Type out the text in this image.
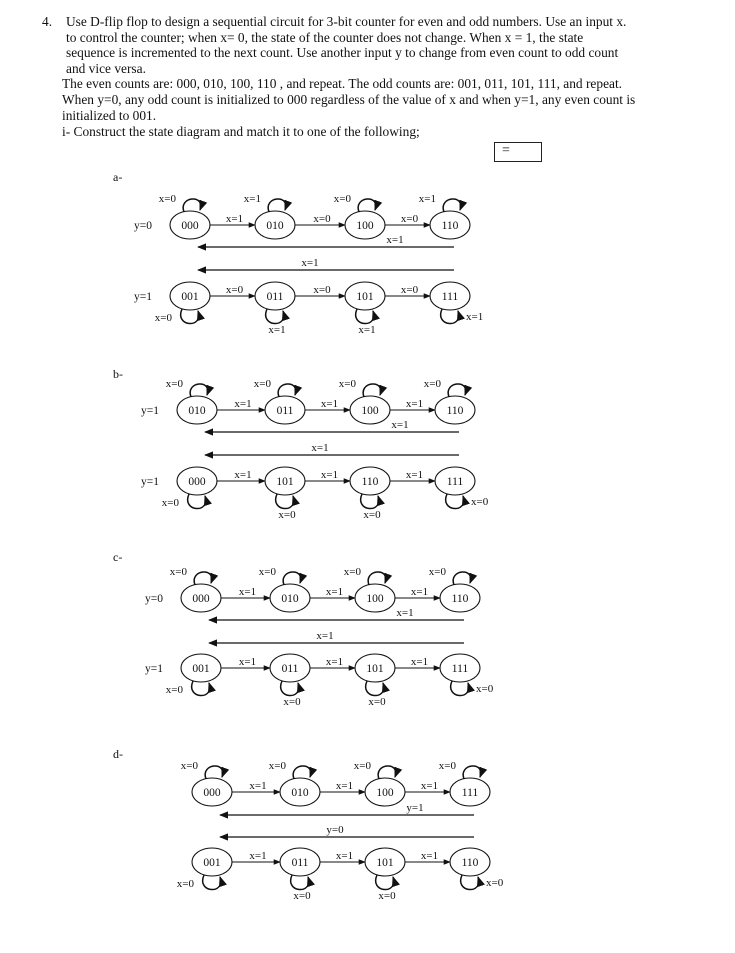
4. Use D-flip flop to design a sequential circuit for 3-bit counter for even and odd numbers. Use an input x.

to control the counter; when x= 0, the state of the counter does not change. When x = 1, the state

sequence is incremented to the next count. Use another input y to change from even count to odd count

and vice versa.

The even counts are: 000, 010, 100, 110 , and repeat. The odd counts are: 001, 011, 101, 111, and repeat.

When y=0, any odd count is initialized to 000 regardless of the value of x and when y=1, any even count is

initialized to 001.

i- Construct the state diagram and match it to one of the following;

=
a-
y=0
x=0
000
x=1
010
x=0
100
x=1
110
x=1	x=0	x=0
y=1
x=0
001
x=1
011
x=1
101
x=1
111
x=0	x=0	x=0
x=1
x=1
b-
y=1
x=0
010
x=0
011
x=0
100
x=0
110
x=1	x=1	x=1
y=1
x=0
000
x=0
101
x=0
110
x=0
111
x=1	x=1	x=1
x=1
x=1
c-
y=0
x=0
000
x=0
010
x=0
100
x=0
110
x=1	x=1	x=1
y=1
x=0
001
x=0
011
x=0
101
x=0
111
x=1	x=1	x=1
x=1
x=1
d-
x=0
000
x=0
010
x=0
100
x=0
111
x=1	x=1	x=1
x=0
001
x=0
011
x=0
101
x=0
110
x=1	x=1	x=1
y=1
y=0
